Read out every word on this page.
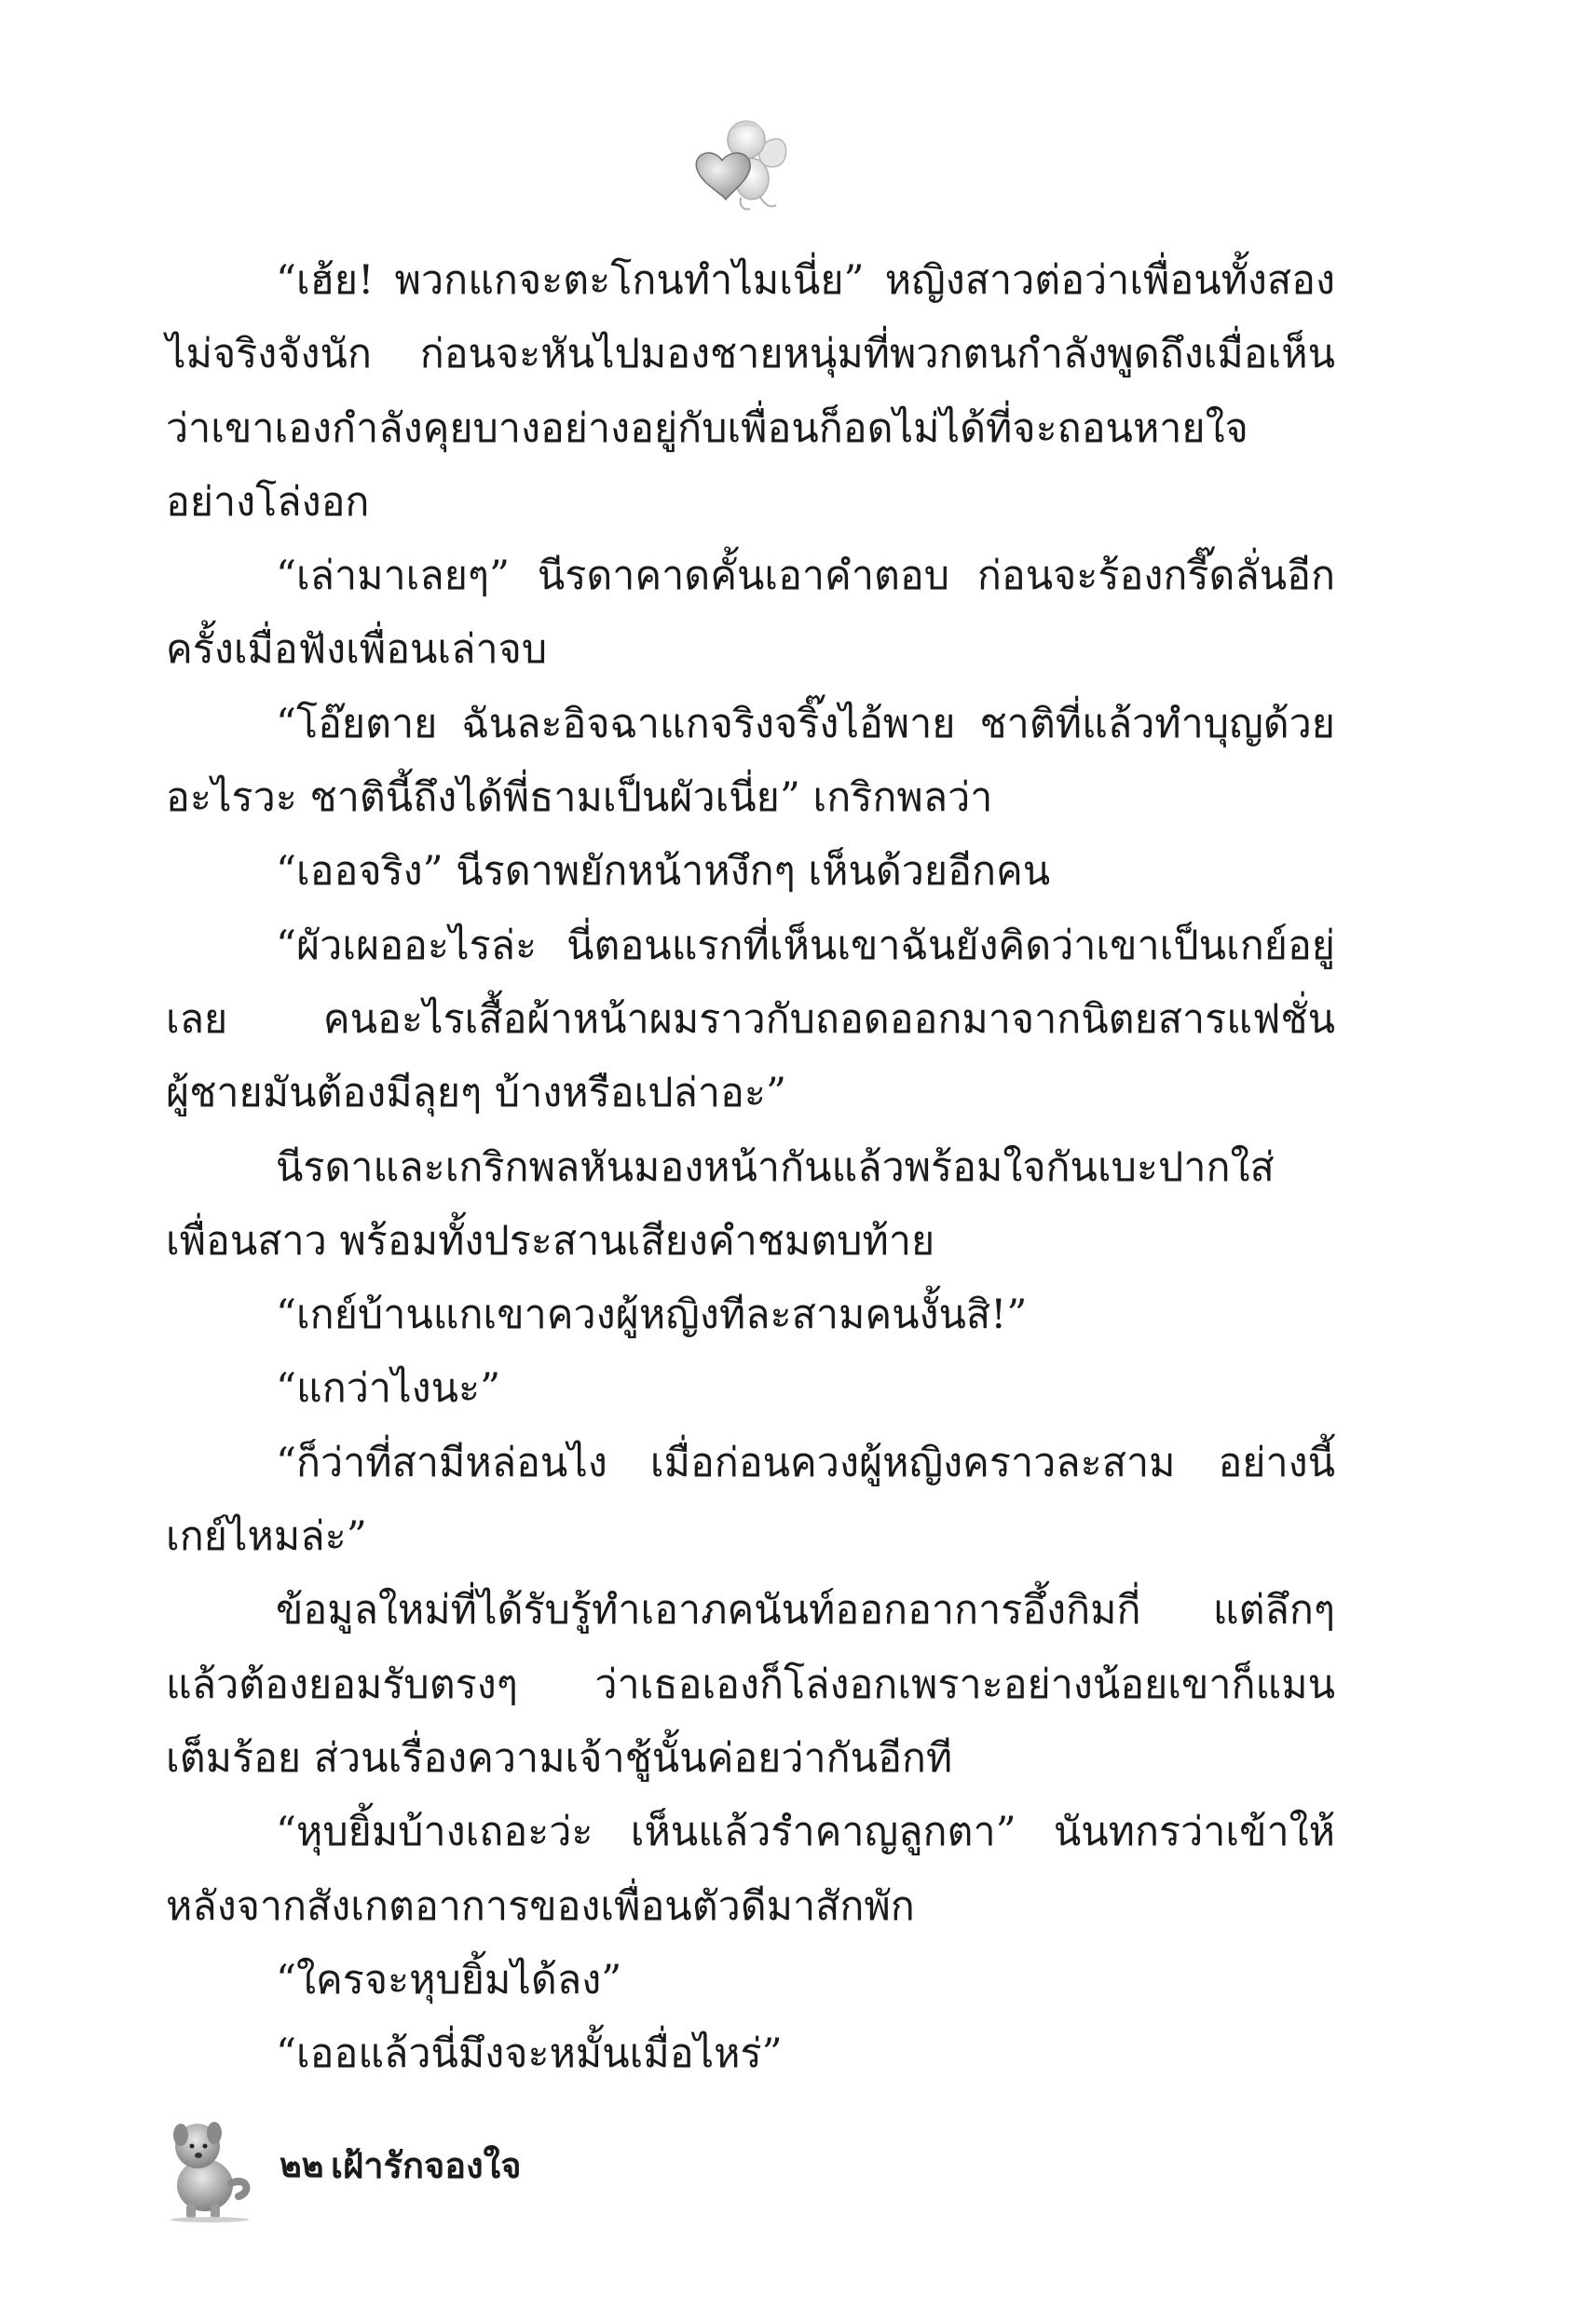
“เฮ้ย! พวกแกจะตะโกนทำไมเนี่ย” หญิงสาวต่อว่าเพื่อนทั้งสองไม่จริงจังนัก ก่อนจะหันไปมองชายหนุ่มที่พวกตนกำลังพูดถึงเมื่อเห็นว่าเขาเองกำลังคุยบางอย่างอยู่กับเพื่อนก็อดไม่ได้ที่จะถอนหายใจอย่างโล่งอก

“เล่ามาเลยๆ” นีรดาคาดคั้นเอาคำตอบ ก่อนจะร้องกรี๊ดลั่นอีกครั้งเมื่อฟังเพื่อนเล่าจบ

“โอ๊ยตาย ฉันละอิจฉาแกจริงจริ๊งไอ้พาย ชาติที่แล้วทำบุญด้วยอะไรวะ ชาตินี้ถึงได้พี่ธามเป็นผัวเนี่ย” เกริกพลว่า

“เออจริง” นีรดาพยักหน้าหงึกๆ เห็นด้วยอีกคน

“ผัวเผออะไรล่ะ นี่ตอนแรกที่เห็นเขาฉันยังคิดว่าเขาเป็นเกย์อยู่เลย คนอะไรเสื้อผ้าหน้าผมราวกับถอดออกมาจากนิตยสารแฟชั่นผู้ชายมันต้องมีลุยๆ บ้างหรือเปล่าอะ”

นีรดาและเกริกพลหันมองหน้ากันแล้วพร้อมใจกันเบะปากใส่เพื่อนสาว พร้อมทั้งประสานเสียงคำชมตบท้าย

“เกย์บ้านแกเขาควงผู้หญิงทีละสามคนงั้นสิ!”

“แกว่าไงนะ”

“ก็ว่าที่สามีหล่อนไง เมื่อก่อนควงผู้หญิงคราวละสาม อย่างนี้เกย์ไหมล่ะ”

ข้อมูลใหม่ที่ได้รับรู้ทำเอาภคนันท์ออกอาการอึ้งกิมกี่ แต่ลึกๆแล้วต้องยอมรับตรงๆ ว่าเธอเองก็โล่งอกเพราะอย่างน้อยเขาก็แมนเต็มร้อย ส่วนเรื่องความเจ้าชู้นั้นค่อยว่ากันอีกที

“หุบยิ้มบ้างเถอะว่ะ เห็นแล้วรำคาญลูกตา” นันทกรว่าเข้าให้หลังจากสังเกตอาการของเพื่อนตัวดีมาสักพัก

“ใครจะหุบยิ้มได้ลง”

“เออแล้วนี่มึงจะหมั้นเมื่อไหร่”

๒๒ เฝ้ารักจองใจ
